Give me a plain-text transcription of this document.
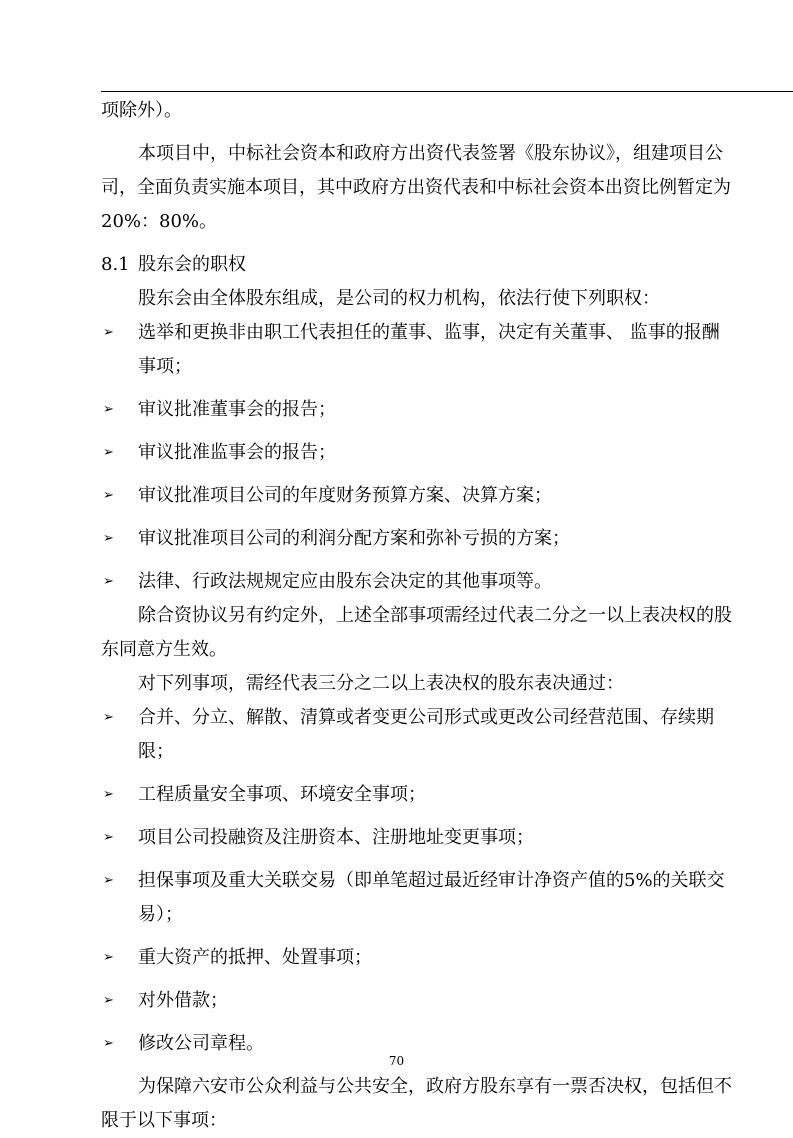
项除外）。

本项目中，中标社会资本和政府方出资代表签署《股东协议》，组建项目公司，全面负责实施本项目，其中政府方出资代表和中标社会资本出资比例暂定为20%：80%。

8.1 股东会的职权

股东会由全体股东组成，是公司的权力机构，依法行使下列职权：

➢ 选举和更换非由职工代表担任的董事、监事，决定有关董事、 监事的报酬事项；
➢ 审议批准董事会的报告；
➢ 审议批准监事会的报告；
➢ 审议批准项目公司的年度财务预算方案、决算方案；
➢ 审议批准项目公司的利润分配方案和弥补亏损的方案；
➢ 法律、行政法规规定应由股东会决定的其他事项等。

除合资协议另有约定外，上述全部事项需经过代表二分之一以上表决权的股东同意方生效。

对下列事项，需经代表三分之二以上表决权的股东表决通过：

➢ 合并、分立、解散、清算或者变更公司形式或更改公司经营范围、存续期限；
➢ 工程质量安全事项、环境安全事项；
➢ 项目公司投融资及注册资本、注册地址变更事项；
➢ 担保事项及重大关联交易（即单笔超过最近经审计净资产值的5%的关联交易）；
➢ 重大资产的抵押、处置事项；
➢ 对外借款；
➢ 修改公司章程。

为保障六安市公众利益与公共安全，政府方股东享有一票否决权，包括但不限于以下事项：

70
